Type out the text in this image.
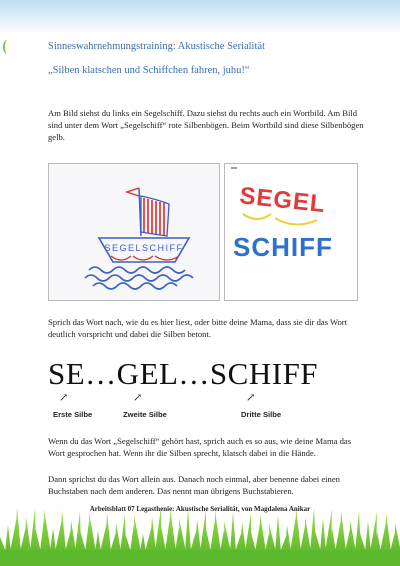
Sinneswahrnehmungstraining: Akustische Serialität
„Silben klatschen und Schiffchen fahren, juhu!“
Am Bild siehst du links ein Segelschiff. Dazu siehst du rechts auch ein Wortbild. Am Bild sind unter dem Wort „Segelschiff“ rote Silbenbögen. Beim Wortbild sind diese Silbenbögen gelb.
SEGELSCHIFF
SEGEL
SCHIFF
Sprich das Wort nach, wie du es hier liest, oder bitte deine Mama, dass sie dir das Wort deutlich vorspricht und dabei die Silben betont.
SE…GEL…SCHIFF
↗	↗	↗
Erste Silbe	Zweite Silbe	Dritte Silbe
Wenn du das Wort „Segelschiff“ gehört hast, sprich auch es so aus, wie deine Mama das Wort gesprochen hat. Wenn ihr die Silben sprecht, klatsch dabei in die Hände.
Dann sprichst du das Wort allein aus. Danach noch einmal, aber benenne dabei einen Buchstaben nach dem anderen. Das nennt man übrigens Buchstabieren.
Arbeitsblatt 07 Legasthenie: Akustische Serialität, von Magdalena Anikar
